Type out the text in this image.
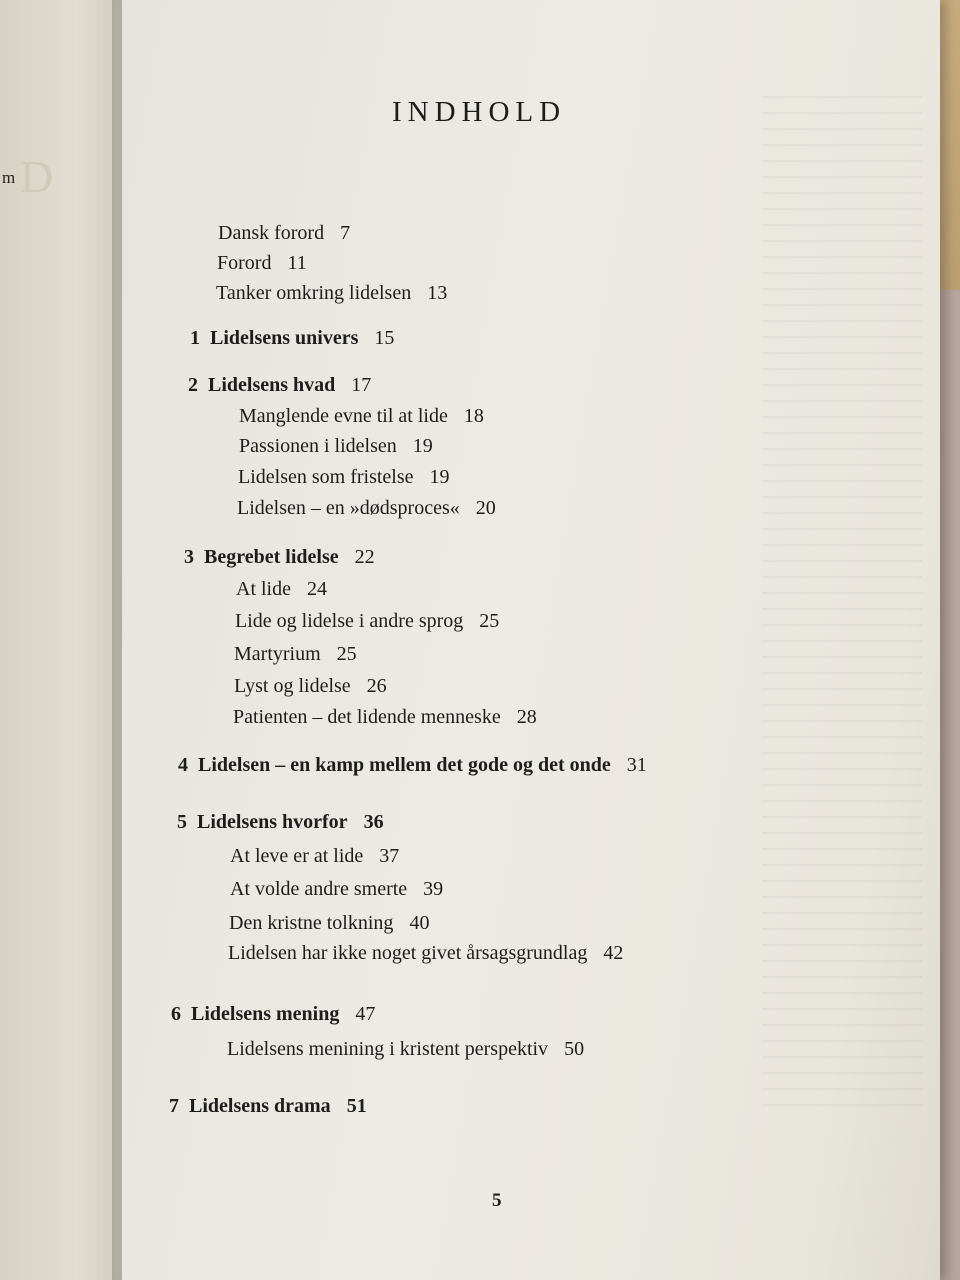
D
m
INDHOLD
Dansk forord 7
Forord 11
Tanker omkring lidelsen 13
1 Lidelsens univers 15
2 Lidelsens hvad 17
Manglende evne til at lide 18
Passionen i lidelsen 19
Lidelsen som fristelse 19
Lidelsen – en »dødsproces« 20
3 Begrebet lidelse 22
At lide 24
Lide og lidelse i andre sprog 25
Martyrium 25
Lyst og lidelse 26
Patienten – det lidende menneske 28
4 Lidelsen – en kamp mellem det gode og det onde 31
5 Lidelsens hvorfor 36
At leve er at lide 37
At volde andre smerte 39
Den kristne tolkning 40
Lidelsen har ikke noget givet årsagsgrundlag 42
6 Lidelsens mening 47
Lidelsens menining i kristent perspektiv 50
7 Lidelsens drama 51

5
